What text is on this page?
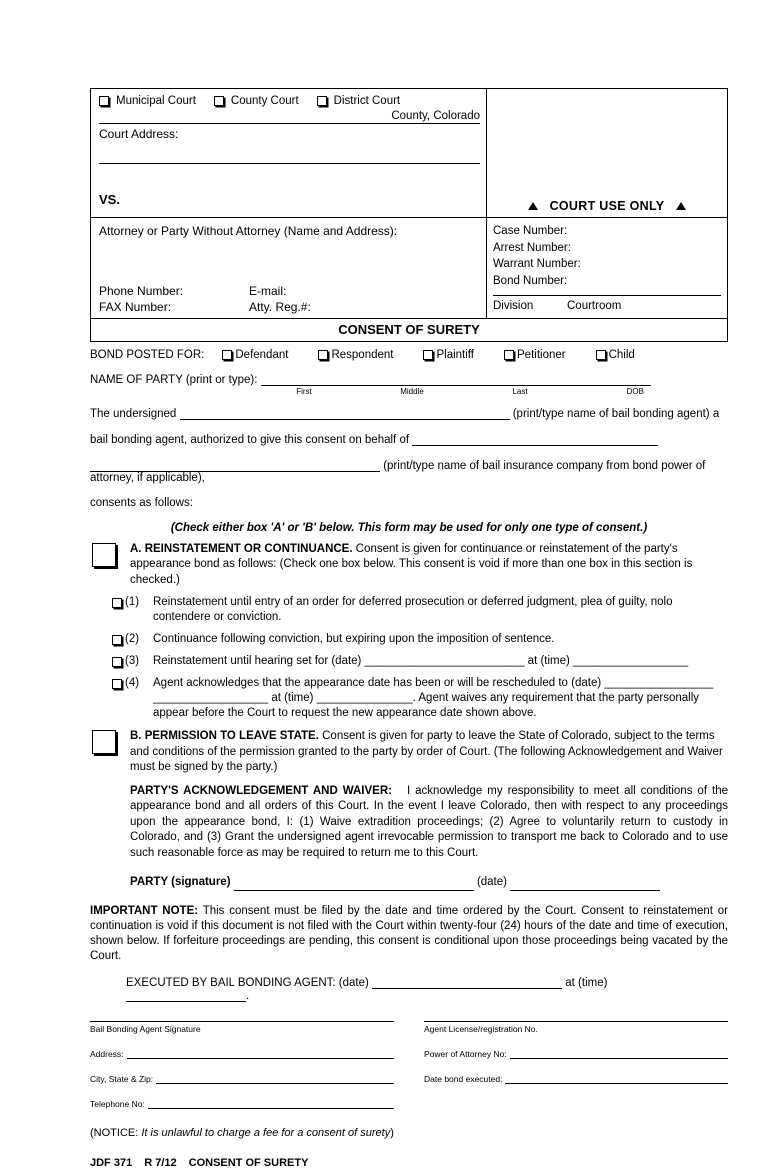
Municipal Court	County Court	District Court
County, Colorado
Court Address:
VS.	COURT USE ONLY
Attorney or Party Without Attorney (Name and Address):
Phone Number:	E-mail:
FAX Number:	Atty. Reg.#:
Case Number:
Arrest Number:
Warrant Number:
Bond Number:
Division	Courtroom
CONSENT OF SURETY
BOND POSTED FOR:	Defendant	Respondent	Plaintiff	Petitioner	Child
NAME OF PARTY (print or type):
First	Middle	Last	DOB
The undersigned	(print/type name of bail bonding agent) a
bail bonding agent, authorized to give this consent on behalf of
(print/type name of bail insurance company from bond power of attorney, if applicable),
consents as follows:
(Check either box 'A' or 'B' below. This form may be used for only one type of consent.)
A. REINSTATEMENT OR CONTINUANCE. Consent is given for continuance or reinstatement of the party's appearance bond as follows: (Check one box below. This consent is void if more than one box in this section is checked.)
(1)	Reinstatement until entry of an order for deferred prosecution or deferred judgment, plea of guilty, nolo contendere or conviction.
(2)	Continuance following conviction, but expiring upon the imposition of sentence.
(3)	Reinstatement until hearing set for (date) _________________________ at (time) __________________
(4)	Agent acknowledges that the appearance date has been or will be rescheduled to (date) _________________ __________________ at (time) _______________. Agent waives any requirement that the party personally appear before the Court to request the new appearance date shown above.
B. PERMISSION TO LEAVE STATE. Consent is given for party to leave the State of Colorado, subject to the terms and conditions of the permission granted to the party by order of Court. (The following Acknowledgement and Waiver must be signed by the party.)
PARTY'S ACKNOWLEDGEMENT AND WAIVER: I acknowledge my responsibility to meet all conditions of the appearance bond and all orders of this Court. In the event I leave Colorado, then with respect to any proceedings upon the appearance bond, I: (1) Waive extradition proceedings; (2) Agree to voluntarily return to custody in Colorado, and (3) Grant the undersigned agent irrevocable permission to transport me back to Colorado and to use such reasonable force as may be required to return me to this Court.
PARTY (signature)	(date)
IMPORTANT NOTE: This consent must be filed by the date and time ordered by the Court. Consent to reinstatement or continuation is void if this document is not filed with the Court within twenty-four (24) hours of the date and time of execution, shown below. If forfeiture proceedings are pending, this consent is conditional upon those proceedings being vacated by the Court.
EXECUTED BY BAIL BONDING AGENT: (date)	at (time) .
Bail Bonding Agent Signature
Address:
City, State & Zip:
Telephone No:
Agent License/registration No.
Power of Attorney No:
Date bond executed:
(NOTICE: It is unlawful to charge a fee for a consent of surety)
JDF 371 R 7/12 CONSENT OF SURETY
